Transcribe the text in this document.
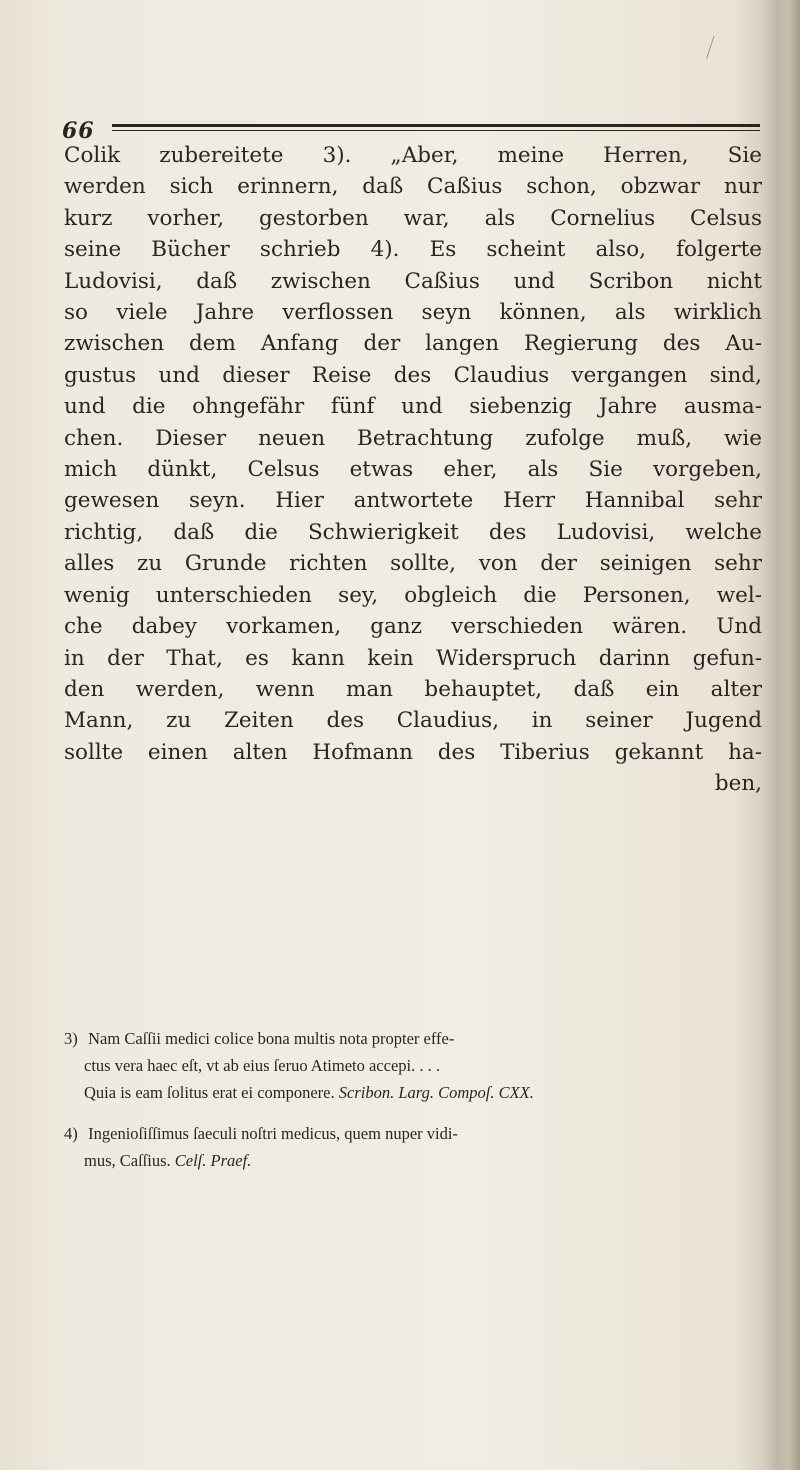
66
Colik zubereitete 3). „Aber, meine Herren, Sie
werden sich erinnern, daß Caßius schon, obzwar nur
kurz vorher, gestorben war, als Cornelius Celsus
seine Bücher schrieb 4). Es scheint also, folgerte
Ludovisi, daß zwischen Caßius und Scribon nicht
so viele Jahre verflossen seyn können, als wirklich
zwischen dem Anfang der langen Regierung des Au-
gustus und dieser Reise des Claudius vergangen sind,
und die ohngefähr fünf und siebenzig Jahre ausma-
chen. Dieser neuen Betrachtung zufolge muß, wie
mich dünkt, Celsus etwas eher, als Sie vorgeben,
gewesen seyn. Hier antwortete Herr Hannibal sehr
richtig, daß die Schwierigkeit des Ludovisi, welche
alles zu Grunde richten sollte, von der seinigen sehr
wenig unterschieden sey, obgleich die Personen, wel-
che dabey vorkamen, ganz verschieden wären. Und
in der That, es kann kein Widerspruch darinn gefun-
den werden, wenn man behauptet, daß ein alter
Mann, zu Zeiten des Claudius, in seiner Jugend
sollte einen alten Hofmann des Tiberius gekannt ha-
ben,
3) Nam Caſſii medici colice bona multis nota propter effe-
ctus vera haec eſt, vt ab eius ſeruo Atimeto accepi. . . .
Quia is eam ſolitus erat ei componere. Scribon. Larg. Compoſ. CXX.
4) Ingenioſiſſimus ſaeculi noſtri medicus, quem nuper vidi-
mus, Caſſius. Celſ. Praef.
